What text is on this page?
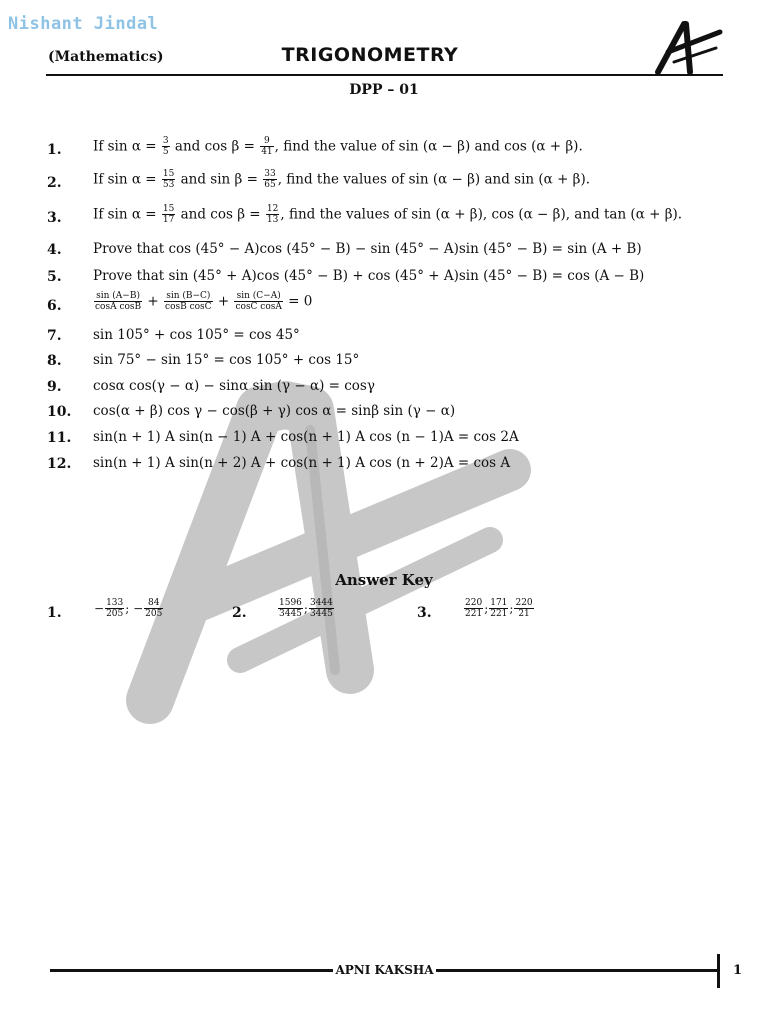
Nishant Jindal
(Mathematics)	TRIGONOMETRY
DPP – 01
1. If $\sin \alpha = \frac{3}{5}$ and $\cos \beta = \frac{9}{41}$ , find the value of sin (α − β) and cos (α + β).
2. If $\sin \alpha = \frac{15}{53}$ and $\sin \beta = \frac{33}{65}$ , find the values of sin (α − β) and sin (α + β).
3. If $\sin \alpha = \frac{15}{17}$ and $\cos \beta = \frac{12}{13}$ , find the values of sin (α + β), cos (α − β), and tan (α + β).
4. Prove that cos (45° − A)cos (45° − B) − sin (45° − A)sin (45° − B) = sin (A + B)
5. Prove that sin (45° + A)cos (45° − B) + cos (45° + A)sin (45° − B) = cos (A − B)
6.	$\frac{\sin (A-B)}{\text{cosA cosB}} + \frac{\sin (B-C)}{\text{cosB cosC}} + \frac{\sin (C-A)}{\text{cosC cosA}} = 0$
7. sin 105° + cos 105° = cos 45°
8. sin 75° − sin 15° = cos 105° + cos 15°
9. cosα cos(γ − α) − sinα sin (γ − α) = cosγ
10. cos(α + β) cos γ − cos(β + γ) cos α = sinβ sin (γ − α)
11. sin(n + 1) A sin(n − 1) A + cos(n + 1) A cos (n − 1)A = cos 2A
12. sin(n + 1) A sin(n + 2) A + cos(n + 1) A cos (n + 2)A = cos A
Answer Key
1.	− $\frac{133}{205}$ ; − $\frac{84}{205}$	2.	$\frac{1596}{3445}$ ; $\frac{3444}{3445}$	3.	$\frac{220}{221}$ ; $\frac{171}{221}$ ; $\frac{220}{21}$
APNI KAKSHA	1
